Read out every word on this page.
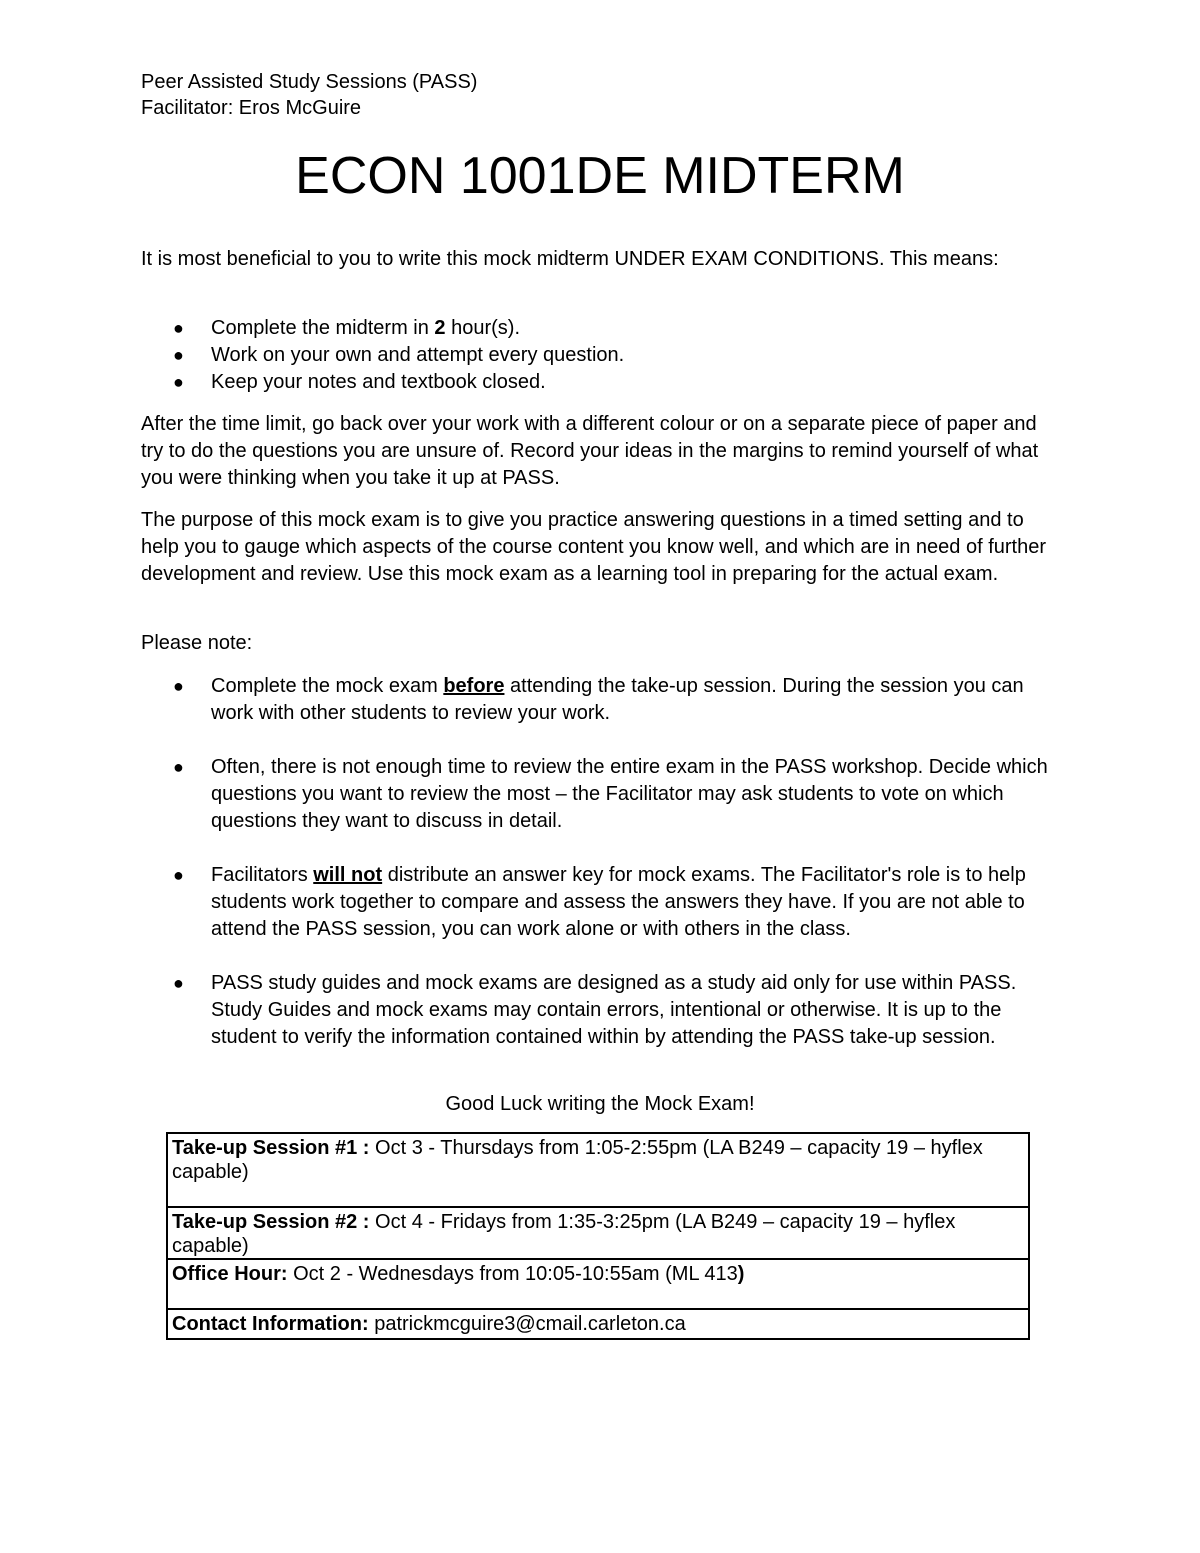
Peer Assisted Study Sessions (PASS)
Facilitator: Eros McGuire
ECON 1001DE MIDTERM
It is most beneficial to you to write this mock midterm UNDER EXAM CONDITIONS. This means:
● Complete the midterm in 2 hour(s).
● Work on your own and attempt every question.
● Keep your notes and textbook closed.
After the time limit, go back over your work with a different colour or on a separate piece of paper and try to do the questions you are unsure of. Record your ideas in the margins to remind yourself of what you were thinking when you take it up at PASS.
The purpose of this mock exam is to give you practice answering questions in a timed setting and to help you to gauge which aspects of the course content you know well, and which are in need of further development and review. Use this mock exam as a learning tool in preparing for the actual exam.
Please note:
● Complete the mock exam before attending the take-up session. During the session you can work with other students to review your work.
● Often, there is not enough time to review the entire exam in the PASS workshop. Decide which questions you want to review the most – the Facilitator may ask students to vote on which questions they want to discuss in detail.
● Facilitators will not distribute an answer key for mock exams. The Facilitator's role is to help students work together to compare and assess the answers they have. If you are not able to attend the PASS session, you can work alone or with others in the class.
● PASS study guides and mock exams are designed as a study aid only for use within PASS. Study Guides and mock exams may contain errors, intentional or otherwise. It is up to the student to verify the information contained within by attending the PASS take-up session.
Good Luck writing the Mock Exam!
Take-up Session #1 : Oct 3 - Thursdays from 1:05-2:55pm (LA B249 – capacity 19 – hyflex capable)
Take-up Session #2 : Oct 4 - Fridays from 1:35-3:25pm (LA B249 – capacity 19 – hyflex capable)
Office Hour: Oct 2 - Wednesdays from 10:05-10:55am (ML 413)
Contact Information: patrickmcguire3@cmail.carleton.ca
